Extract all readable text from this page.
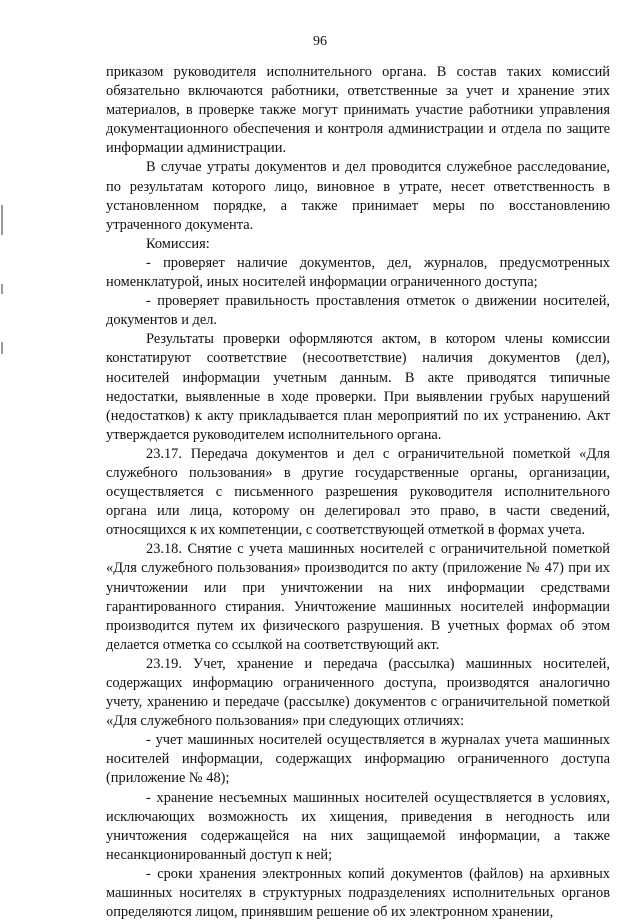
96

приказом руководителя исполнительного органа. В состав таких комиссий обязательно включаются работники, ответственные за учет и хранение этих материалов, в проверке также могут принимать участие работники управления документационного обеспечения и контроля администрации и отдела по защите информации администрации.

В случае утраты документов и дел проводится служебное расследование, по результатам которого лицо, виновное в утрате, несет ответственность в установленном порядке, а также принимает меры по восстановлению утраченного документа.

Комиссия:

- проверяет наличие документов, дел, журналов, предусмотренных номенклатурой, иных носителей информации ограниченного доступа;

- проверяет правильность проставления отметок о движении носителей, документов и дел.

Результаты проверки оформляются актом, в котором члены комиссии констатируют соответствие (несоответствие) наличия документов (дел), носителей информации учетным данным. В акте приводятся типичные недостатки, выявленные в ходе проверки. При выявлении грубых нарушений (недостатков) к акту прикладывается план мероприятий по их устранению. Акт утверждается руководителем исполнительного органа.

23.17. Передача документов и дел с ограничительной пометкой «Для служебного пользования» в другие государственные органы, организации, осуществляется с письменного разрешения руководителя исполнительного органа или лица, которому он делегировал это право, в части сведений, относящихся к их компетенции, с соответствующей отметкой в формах учета.

23.18. Снятие с учета машинных носителей с ограничительной пометкой «Для служебного пользования» производится по акту (приложение № 47) при их уничтожении или при уничтожении на них информации средствами гарантированного стирания. Уничтожение машинных носителей информации производится путем их физического разрушения. В учетных формах об этом делается отметка со ссылкой на соответствующий акт.

23.19. Учет, хранение и передача (рассылка) машинных носителей, содержащих информацию ограниченного доступа, производятся аналогично учету, хранению и передаче (рассылке) документов с ограничительной пометкой «Для служебного пользования» при следующих отличиях:

- учет машинных носителей осуществляется в журналах учета машинных носителей информации, содержащих информацию ограниченного доступа (приложение № 48);

- хранение несъемных машинных носителей осуществляется в условиях, исключающих возможность их хищения, приведения в негодность или уничтожения содержащейся на них защищаемой информации, а также несанкционированный доступ к ней;

- сроки хранения электронных копий документов (файлов) на архивных машинных носителях в структурных подразделениях исполнительных органов определяются лицом, принявшим решение об их электронном хранении,
